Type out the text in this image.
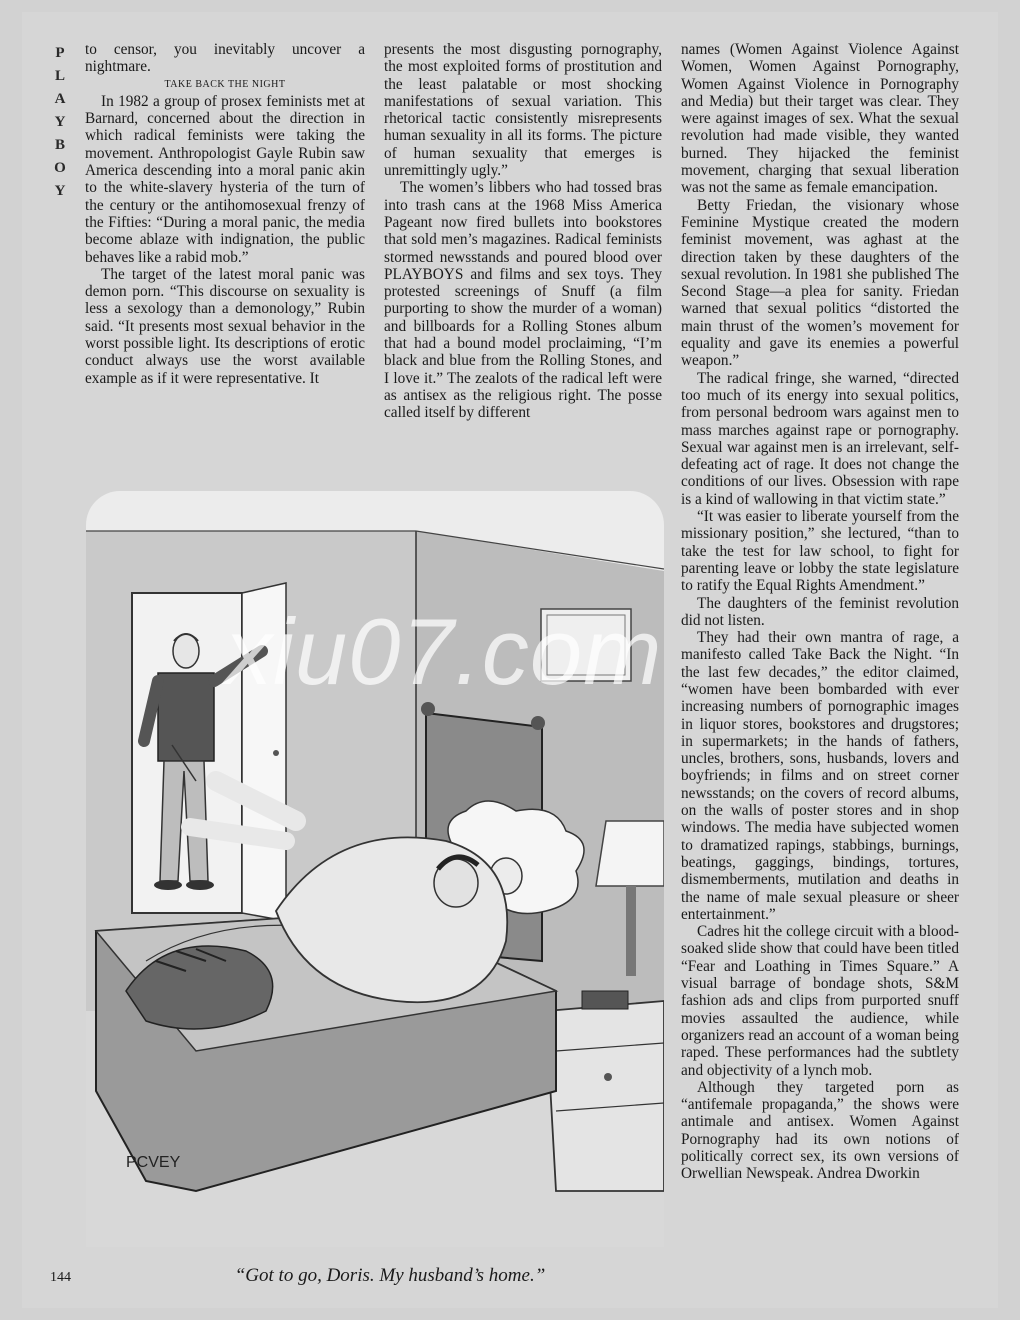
P
L
A
Y
B
O
Y

to censor, you inevitably uncover a nightmare.

TAKE BACK THE NIGHT

In 1982 a group of prosex feminists met at Barnard, concerned about the direction in which radical feminists were taking the movement. Anthropologist Gayle Rubin saw America descending into a moral panic akin to the white-slavery hysteria of the turn of the century or the antihomosexual frenzy of the Fifties: “During a moral panic, the media become ablaze with indignation, the public behaves like a rabid mob.”

The target of the latest moral panic was demon porn. “This discourse on sexuality is less a sexology than a demonology,” Rubin said. “It presents most sexual behavior in the worst possible light. Its descriptions of erotic conduct always use the worst available example as if it were representative. It

presents the most disgusting pornography, the most exploited forms of prostitution and the least palatable or most shocking manifestations of sexual variation. This rhetorical tactic consistently misrepresents human sexuality in all its forms. The picture of human sexuality that emerges is unremittingly ugly.”

The women’s libbers who had tossed bras into trash cans at the 1968 Miss America Pageant now fired bullets into bookstores that sold men’s magazines. Radical feminists stormed newsstands and poured blood over PLAYBOYS and films and sex toys. They protested screenings of Snuff (a film purporting to show the murder of a woman) and billboards for a Rolling Stones album that had a bound model proclaiming, “I’m black and blue from the Rolling Stones, and I love it.” The zealots of the radical left were as antisex as the religious right. The posse called itself by different

names (Women Against Violence Against Women, Women Against Pornography, Women Against Violence in Pornography and Media) but their target was clear. They were against images of sex. What the sexual revolution had made visible, they wanted burned. They hijacked the feminist movement, charging that sexual liberation was not the same as female emancipation.

Betty Friedan, the visionary whose Feminine Mystique created the modern feminist movement, was aghast at the direction taken by these daughters of the sexual revolution. In 1981 she published The Second Stage—a plea for sanity. Friedan warned that sexual politics “distorted the main thrust of the women’s movement for equality and gave its enemies a powerful weapon.”

The radical fringe, she warned, “directed too much of its energy into sexual politics, from personal bedroom wars against men to mass marches against rape or pornography. Sexual war against men is an irrelevant, self-defeating act of rage. It does not change the conditions of our lives. Obsession with rape is a kind of wallowing in that victim state.”

“It was easier to liberate yourself from the missionary position,” she lectured, “than to take the test for law school, to fight for parenting leave or lobby the state legislature to ratify the Equal Rights Amendment.”

The daughters of the feminist revolution did not listen.

They had their own mantra of rage, a manifesto called Take Back the Night. “In the last few decades,” the editor claimed, “women have been bombarded with ever increasing numbers of pornographic images in liquor stores, bookstores and drugstores; in supermarkets; in the hands of fathers, uncles, brothers, sons, husbands, lovers and boyfriends; in films and on street corner newsstands; on the covers of record albums, on the walls of poster stores and in shop windows. The media have subjected women to dramatized rapings, stabbings, burnings, beatings, gaggings, bindings, tortures, dismemberments, mutilation and deaths in the name of male sexual pleasure or sheer entertainment.”

Cadres hit the college circuit with a blood-soaked slide show that could have been titled “Fear and Loathing in Times Square.” A visual barrage of bondage shots, S&M fashion ads and clips from purported snuff movies assaulted the audience, while organizers read an account of a woman being raped. These performances had the subtlety and objectivity of a lynch mob.

Although they targeted porn as “antifemale propaganda,” the shows were antimale and antisex. Women Against Pornography had its own notions of politically correct sex, its own versions of Orwellian Newspeak. Andrea Dworkin

PCVEY
xiu07.com
“Got to go, Doris. My husband’s home.”
144
